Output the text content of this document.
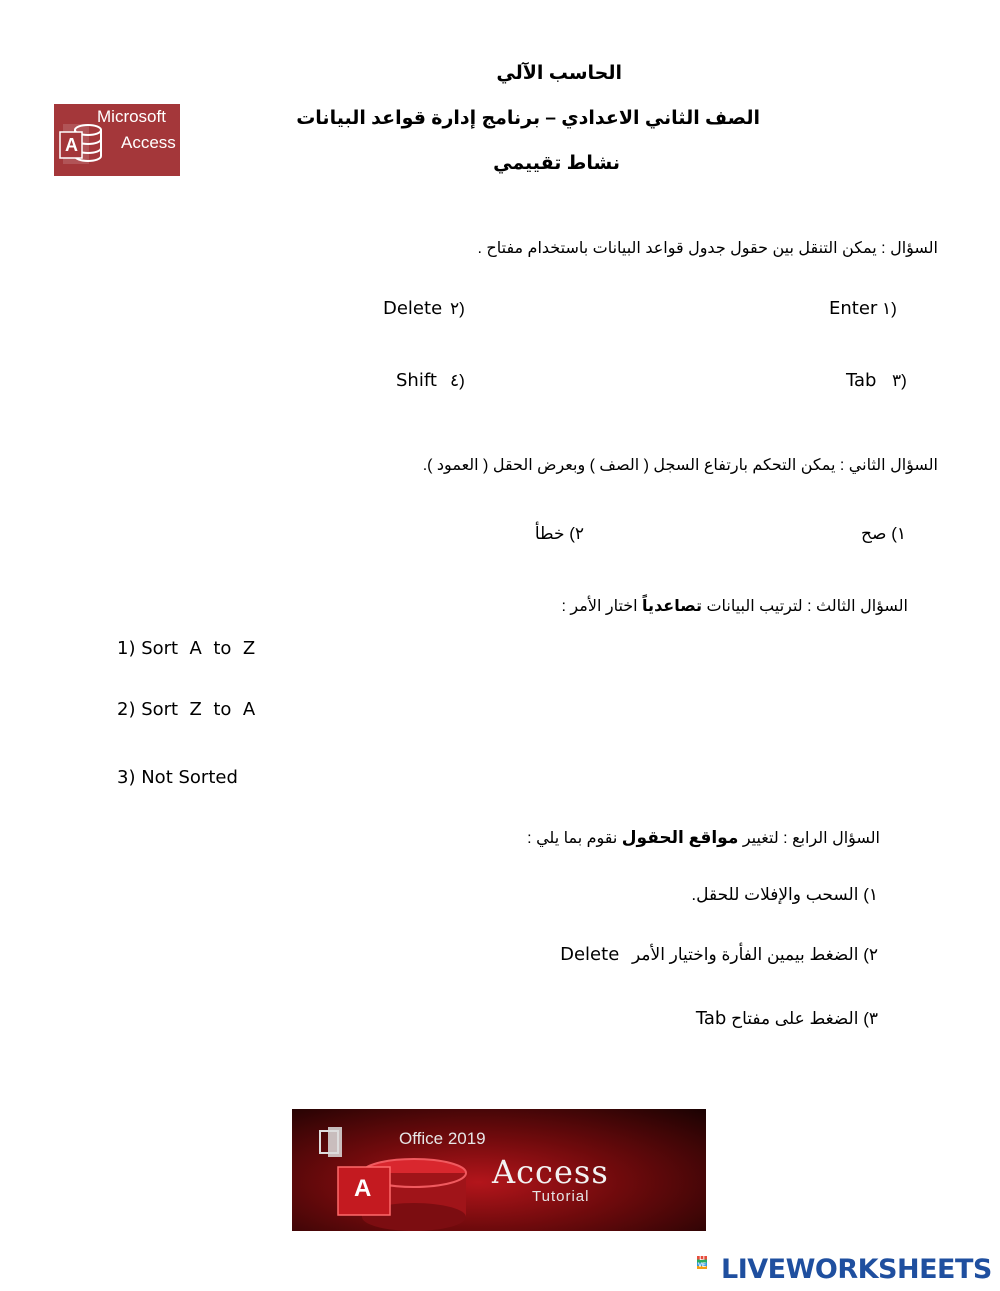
الحاسب الآلي
الصف الثاني الاعدادي – برنامج إدارة قواعد البيانات
نشاط تقييمي
A
Microsoft
Access
السؤال : يمكن التنقل بين حقول جدول قواعد البيانات باستخدام مفتاح .
Enter ١)
Delete ٢)
Tab ٣)
Shift ٤)
السؤال الثاني : يمكن التحكم بارتفاع السجل ( الصف ) وبعرض الحقل ( العمود ).
١) صح
٢) خطأ
السؤال الثالث : لترتيب البيانات تصاعدياً اختار الأمر :
1) Sort  A  to  Z
2) Sort  Z  to  A
3) Not Sorted
السؤال الرابع : لتغيير مواقع الحقول نقوم بما يلي :
١) السحب والإفلات للحقل.
٢) الضغط بيمين الفأرة واختيار الأمر Delete
٣) الضغط على مفتاح Tab
A
Office 2019
Access
Tutorial
LIVE LIVEWORKSHEETS
